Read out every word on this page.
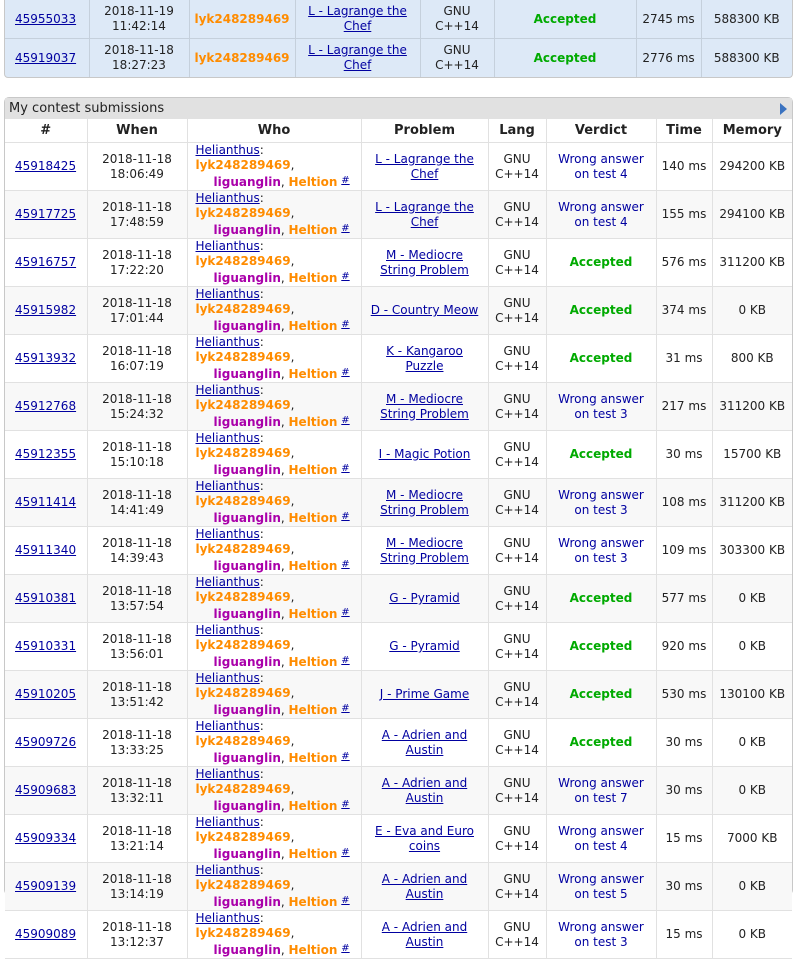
45955033	2018-11-19
11:42:14	lyk248289469	L - Lagrange the
Chef	GNU
C++14	Accepted	2745 ms	588300 KB
45919037	2018-11-18
18:27:23	lyk248289469	L - Lagrange the
Chef	GNU
C++14	Accepted	2776 ms	588300 KB
My contest submissions
#	When	Who	Problem	Lang	Verdict	Time	Memory
45918425	2018-11-18
18:06:49	Helianthus: lyk248289469,
liguanglin, Heltion #	L - Lagrange the
Chef	GNU
C++14	Wrong answer
on test 4	140 ms	294200 KB
45917725	2018-11-18
17:48:59	Helianthus: lyk248289469,
liguanglin, Heltion #	L - Lagrange the
Chef	GNU
C++14	Wrong answer
on test 4	155 ms	294100 KB
45916757	2018-11-18
17:22:20	Helianthus: lyk248289469,
liguanglin, Heltion #	M - Mediocre
String Problem	GNU
C++14	Accepted	576 ms	311200 KB
45915982	2018-11-18
17:01:44	Helianthus: lyk248289469,
liguanglin, Heltion #	D - Country Meow	GNU
C++14	Accepted	374 ms	0 KB
45913932	2018-11-18
16:07:19	Helianthus: lyk248289469,
liguanglin, Heltion #	K - Kangaroo
Puzzle	GNU
C++14	Accepted	31 ms	800 KB
45912768	2018-11-18
15:24:32	Helianthus: lyk248289469,
liguanglin, Heltion #	M - Mediocre
String Problem	GNU
C++14	Wrong answer
on test 3	217 ms	311200 KB
45912355	2018-11-18
15:10:18	Helianthus: lyk248289469,
liguanglin, Heltion #	I - Magic Potion	GNU
C++14	Accepted	30 ms	15700 KB
45911414	2018-11-18
14:41:49	Helianthus: lyk248289469,
liguanglin, Heltion #	M - Mediocre
String Problem	GNU
C++14	Wrong answer
on test 3	108 ms	311200 KB
45911340	2018-11-18
14:39:43	Helianthus: lyk248289469,
liguanglin, Heltion #	M - Mediocre
String Problem	GNU
C++14	Wrong answer
on test 3	109 ms	303300 KB
45910381	2018-11-18
13:57:54	Helianthus: lyk248289469,
liguanglin, Heltion #	G - Pyramid	GNU
C++14	Accepted	577 ms	0 KB
45910331	2018-11-18
13:56:01	Helianthus: lyk248289469,
liguanglin, Heltion #	G - Pyramid	GNU
C++14	Accepted	920 ms	0 KB
45910205	2018-11-18
13:51:42	Helianthus: lyk248289469,
liguanglin, Heltion #	J - Prime Game	GNU
C++14	Accepted	530 ms	130100 KB
45909726	2018-11-18
13:33:25	Helianthus: lyk248289469,
liguanglin, Heltion #	A - Adrien and
Austin	GNU
C++14	Accepted	30 ms	0 KB
45909683	2018-11-18
13:32:11	Helianthus: lyk248289469,
liguanglin, Heltion #	A - Adrien and
Austin	GNU
C++14	Wrong answer
on test 7	30 ms	0 KB
45909334	2018-11-18
13:21:14	Helianthus: lyk248289469,
liguanglin, Heltion #	E - Eva and Euro
coins	GNU
C++14	Wrong answer
on test 4	15 ms	7000 KB
45909139	2018-11-18
13:14:19	Helianthus: lyk248289469,
liguanglin, Heltion #	A - Adrien and
Austin	GNU
C++14	Wrong answer
on test 5	30 ms	0 KB
45909089	2018-11-18
13:12:37	Helianthus: lyk248289469,
liguanglin, Heltion #	A - Adrien and
Austin	GNU
C++14	Wrong answer
on test 3	15 ms	0 KB
